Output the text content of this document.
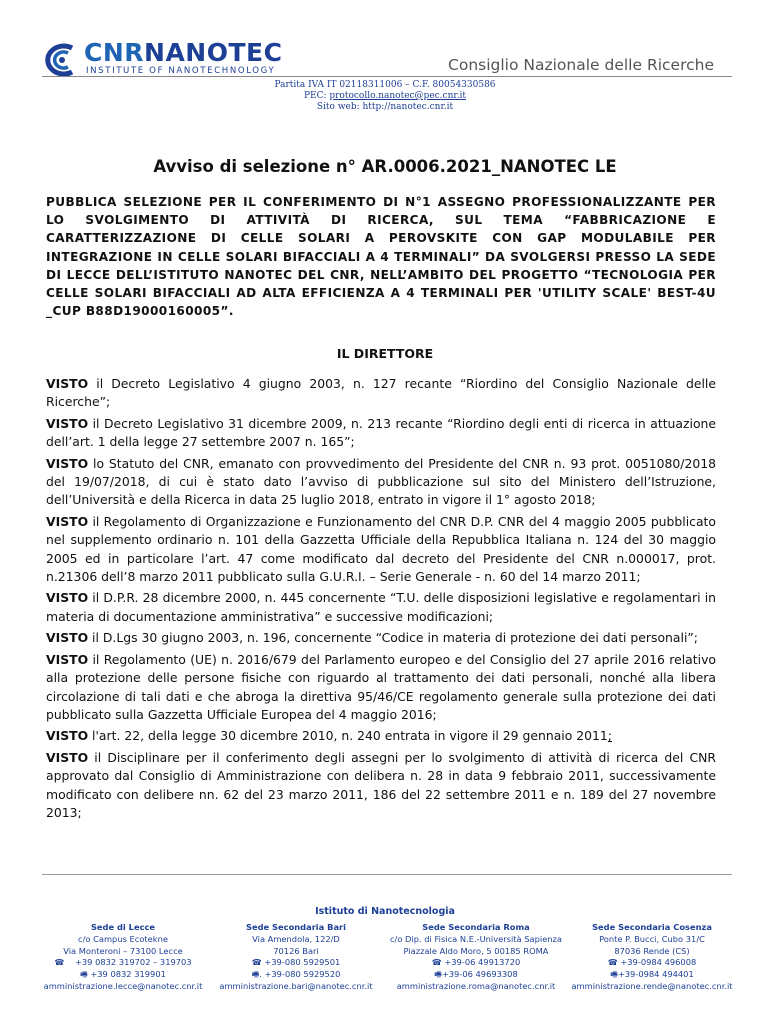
CNRNANOTEC
INSTITUTE OF NANOTECHNOLOGY	Consiglio Nazionale delle Ricerche
Partita IVA IT 02118311006 – C.F. 80054330586
PEC: protocollo.nanotec@pec.cnr.it
Sito web: http://nanotec.cnr.it
Avviso di selezione n° AR.0006.2021_NANOTEC LE
PUBBLICA SELEZIONE PER IL CONFERIMENTO DI N°1 ASSEGNO PROFESSIONALIZZANTE PER LO SVOLGIMENTO DI ATTIVITÀ DI RICERCA, SUL TEMA “FABBRICAZIONE E CARATTERIZZAZIONE DI CELLE SOLARI A PEROVSKITE CON GAP MODULABILE PER INTEGRAZIONE IN CELLE SOLARI BIFACCIALI A 4 TERMINALI” DA SVOLGERSI PRESSO LA SEDE DI LECCE DELL’ISTITUTO NANOTEC DEL CNR, NELL’AMBITO DEL PROGETTO “TECNOLOGIA PER CELLE SOLARI BIFACCIALI AD ALTA EFFICIENZA A 4 TERMINALI PER 'UTILITY SCALE' BEST-4U _CUP B88D19000160005”.
IL DIRETTORE

VISTO il Decreto Legislativo 4 giugno 2003, n. 127 recante “Riordino del Consiglio Nazionale delle Ricerche”;

VISTO il Decreto Legislativo 31 dicembre 2009, n. 213 recante “Riordino degli enti di ricerca in attuazione dell’art. 1 della legge 27 settembre 2007 n. 165”;

VISTO lo Statuto del CNR, emanato con provvedimento del Presidente del CNR n. 93 prot. 0051080/2018 del 19/07/2018, di cui è stato dato l’avviso di pubblicazione sul sito del Ministero dell’Istruzione, dell’Università e della Ricerca in data 25 luglio 2018, entrato in vigore il 1° agosto 2018;

VISTO il Regolamento di Organizzazione e Funzionamento del CNR D.P. CNR del 4 maggio 2005 pubblicato nel supplemento ordinario n. 101 della Gazzetta Ufficiale della Repubblica Italiana n. 124 del 30 maggio 2005 ed in particolare l’art. 47 come modificato dal decreto del Presidente del CNR n.000017, prot. n.21306 dell’8 marzo 2011 pubblicato sulla G.U.R.I. – Serie Generale - n. 60 del 14 marzo 2011;

VISTO il D.P.R. 28 dicembre 2000, n. 445 concernente “T.U. delle disposizioni legislative e regolamentari in materia di documentazione amministrativa” e successive modificazioni;

VISTO il D.Lgs 30 giugno 2003, n. 196, concernente “Codice in materia di protezione dei dati personali”;

VISTO il Regolamento (UE) n. 2016/679 del Parlamento europeo e del Consiglio del 27 aprile 2016 relativo alla protezione delle persone fisiche con riguardo al trattamento dei dati personali, nonché alla libera circolazione di tali dati e che abroga la direttiva 95/46/CE regolamento generale sulla protezione dei dati pubblicato sulla Gazzetta Ufficiale Europea del 4 maggio 2016;

VISTO l'art. 22, della legge 30 dicembre 2010, n. 240 entrata in vigore il 29 gennaio 2011;

VISTO il Disciplinare per il conferimento degli assegni per lo svolgimento di attività di ricerca del CNR approvato dal Consiglio di Amministrazione con delibera n. 28 in data 9 febbraio 2011, successivamente modificato con delibere nn. 62 del 23 marzo 2011, 186 del 22 settembre 2011 e n. 189 del 27 novembre 2013;

Istituto di Nanotecnologia
Sede di Lecce
c/o Campus Ecotekne
Via Monteroni – 73100 Lecce
☎ +39 0832 319702 – 319703
🖷 +39 0832 319901
amministrazione.lecce@nanotec.cnr.it
Sede Secondaria Bari
Via Amendola, 122/D
70126 Bari
☎ +39-080 5929501
🖷. +39-080 5929520
amministrazione.bari@nanotec.cnr.it
Sede Secondaria Roma
c/o Dip. di Fisica N.E.-Università Sapienza
Piazzale Aldo Moro, 5 00185 ROMA
☎ +39-06 49913720
🖷+39-06 49693308
amministrazione.roma@nanotec.cnr.it
Sede Secondaria Cosenza
Ponte P. Bucci, Cubo 31/C
87036 Rende (CS)
☎ +39-0984 496008
🖷+39-0984 494401
amministrazione.rende@nanotec.cnr.it
